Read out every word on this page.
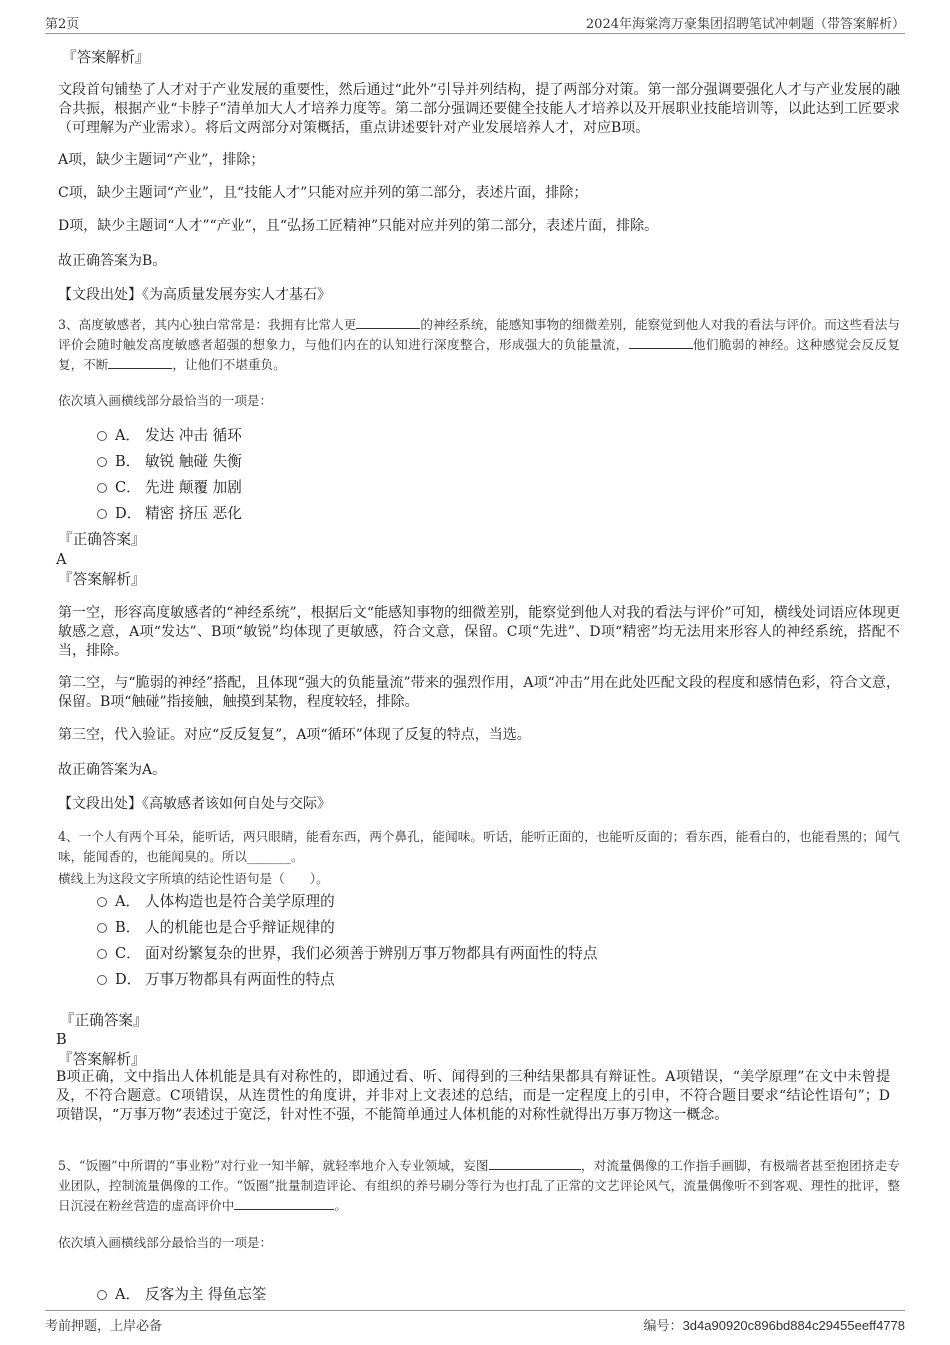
第2页	2024年海棠湾万豪集团招聘笔试冲刺题（带答案解析）
『答案解析』
文段首句铺垫了人才对于产业发展的重要性，然后通过“此外”引导并列结构，提了两部分对策。第一部分强调要强化人才与产业发展的融合共振，根据产业“卡脖子”清单加大人才培养力度等。第二部分强调还要健全技能人才培养以及开展职业技能培训等，以此达到工匠要求（可理解为产业需求）。将后文两部分对策概括，重点讲述要针对产业发展培养人才，对应B项。
A项，缺少主题词“产业”，排除；
C项，缺少主题词“产业”，且“技能人才”只能对应并列的第二部分，表述片面，排除；
D项，缺少主题词“人才”“产业”，且“弘扬工匠精神”只能对应并列的第二部分，表述片面，排除。
故正确答案为B。
【文段出处】《为高质量发展夯实人才基石》
3、高度敏感者，其内心独白常常是：我拥有比常人更	的神经系统，能感知事物的细微差别，能察觉到他人对我的看法与评价。而这些看法与评价会随时触发高度敏感者超强的想象力，与他们内在的认知进行深度整合，形成强大的负能量流，	他们脆弱的神经。这种感觉会反反复复，不断	，让他们不堪重负。
依次填入画横线部分最恰当的一项是：
A． 发达 冲击 循环
B． 敏锐 触碰 失衡
C． 先进 颠覆 加剧
D． 精密 挤压 恶化
『正确答案』
A
『答案解析』
第一空，形容高度敏感者的“神经系统”，根据后文“能感知事物的细微差别，能察觉到他人对我的看法与评价”可知，横线处词语应体现更敏感之意，A项“发达”、B项“敏锐”均体现了更敏感，符合文意，保留。C项“先进”、D项“精密”均无法用来形容人的神经系统，搭配不当，排除。
第二空，与“脆弱的神经”搭配，且体现“强大的负能量流”带来的强烈作用，A项“冲击”用在此处匹配文段的程度和感情色彩，符合文意，保留。B项“触碰”指接触，触摸到某物，程度较轻，排除。
第三空，代入验证。对应“反反复复”，A项“循环”体现了反复的特点，当选。
故正确答案为A。
【文段出处】《高敏感者该如何自处与交际》
4、一个人有两个耳朵，能听话，两只眼睛，能看东西，两个鼻孔，能闻味。听话，能听正面的，也能听反面的；看东西，能看白的，也能看黑的；闻气味，能闻香的，也能闻臭的。所以_______。
横线上为这段文字所填的结论性语句是（　　）。
A． 人体构造也是符合美学原理的
B． 人的机能也是合乎辩证规律的
C． 面对纷繁复杂的世界，我们必须善于辨别万事万物都具有两面性的特点
D． 万事万物都具有两面性的特点
『正确答案』
B
『答案解析』
B项正确，文中指出人体机能是具有对称性的，即通过看、听、闻得到的三种结果都具有辩证性。A项错误，“美学原理”在文中未曾提及，不符合题意。C项错误，从连贯性的角度讲，并非对上文表述的总结，而是一定程度上的引申，不符合题目要求“结论性语句”；D项错误，“万事万物”表述过于宽泛，针对性不强，不能简单通过人体机能的对称性就得出万事万物这一概念。
5、“饭圈”中所谓的“事业粉”对行业一知半解，就轻率地介入专业领域，妄图	，对流量偶像的工作指手画脚，有极端者甚至抱团挤走专业团队，控制流量偶像的工作。“饭圈”批量制造评论、有组织的养号刷分等行为也打乱了正常的文艺评论风气，流量偶像听不到客观、理性的批评，整日沉浸在粉丝营造的虚高评价中	。
依次填入画横线部分最恰当的一项是：
A． 反客为主 得鱼忘筌
考前押题，上岸必备	编号：3d4a90920c896bd884c29455eeff4778
